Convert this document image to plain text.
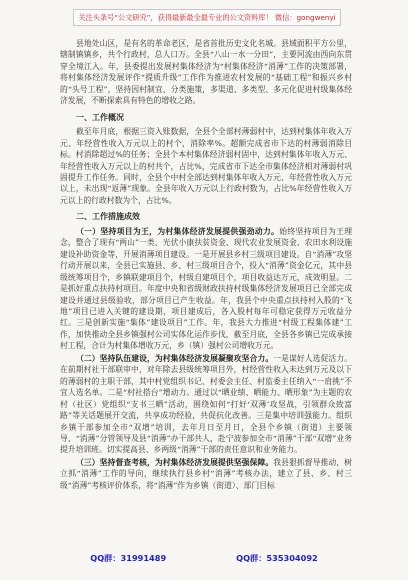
关注头条号“公文研究”，获得最新最全最专业的公文资料库！ 微信：gongwenyi

县地处山区，是有名的革命老区，是省首批历史文化名城。县域面积平方公里，辖制镇镇乡，共个行政村，总人口万。全县“八山一水一分田”，主要河流由西向东贯穿全境江入。年，县委提出发展村集体经济为“村集体经济“消薄”工作的决策部署，将村集体经济发展评作“提质升级”工作作为推进农村发展的“基础工程”和振兴乡村的“头号工程”，坚持因村制宜、分类施策，多渠道、多类型、多元化促进村级集体经济发展，不断探索具有特色的增收之路。

一、工作概况

截至年月底，根据三资入账数据，全县个全部村薄弱村中，达到村集体年收入万元、年经营性收入万元以上的村个，消除率%。超额完成省市下达的村薄弱消除目标。村消除超过%的任务；全县个本村集体经济弱村固中，达到村集体年收入万元、年经营性收入万元以上的村共个，占比%，完成省市下达全市集体经济相对薄弱村巩固提升工作任务。同时，全县个中村全部达到村集体年收入万元、年经营性收入万元以上，未出现“返薄”现象。全县年收入万元以上行政村数为，占比%年经营性收入万元以上的行政村数为个，占比%。

二、工作措施成效

（一）坚持项目为王，为村集体经济发展提供强劲动力。始终坚持项目为王理念，整合了现有“两山”一类、光伏小康扶贫资金、现代农业发展资金、农田水利设施建设补助资金等，开展消薄项目建设。一是开展县乡村三级项目建设。自“消薄”攻坚行动开展以来，全县已实施县、乡、村三级项目合个，投入“消薄”资金亿元，其中县级统筹项目个，乡镇联建项目个，村级自建项目个，项目收益达万元，成效明显。二是抓好重点扶持村项目。年度中央和省级财政扶持村级集体经济发展项目已全部完成建设并通过县级验收，部分项目已产生收益。年，我县个中央重点扶持村入股的“飞地”项目已进入关键的建设期，项目建成后，各入股村每年可稳定获得万元收益分红。三是创新实施“集体”建设项目”工作。年，我县大力推进“村级工程集体建”工作，加快推动全县乡镇强村公司实体化运作步伐，截至月底，全县各乡镇已完成承接村工程，合计为村集体增收万元，乡（镇）强村公司增收万元。

（二）坚持队伍建设，为村集体经济发展凝聚攻坚合力。一是谋好人选促活力。在前期村社干部联审中，对年除去县级统筹项目外，村经营性收入未达到万元及以下的薄弱村的主职干部，其中村党组织书记、村委会主任、村监委主任纳入“一肩挑”不宜人选名单。二是“村社搭台”增动力。通过以“晒业绩、晒能力、晒形象”为主题的农村（社区）党组织“支书三晒”活动，围绕如何“打好‘双薄’攻坚战，引领群众致富路”等关话题展开交流，共享成功经验，共促抗化改善。三是集中培训强能力。组织乡镇干部参加全市“双增”培训，去年月日至月日，全县个乡镇（街道）主要领导、“消薄”分管领导及县“消薄”办干部共人，赴宁波参加全市“消薄”干部“双增”业务提升培训班。切实提高县、乡两级“消薄”干部的责任意识和业务能力。

（三）坚持督查考核，为村集体经济发展提供坚强保障。我县狠抓督导推动，树立抓“消薄”工作的导向，继续执行县乡村“消薄”考核办法，建立了县、乡、村三级“消薄”考核评价体系，将“消薄”作为乡镇（街道）、部门目标

QQ群：31991489	QQ群：535304092
